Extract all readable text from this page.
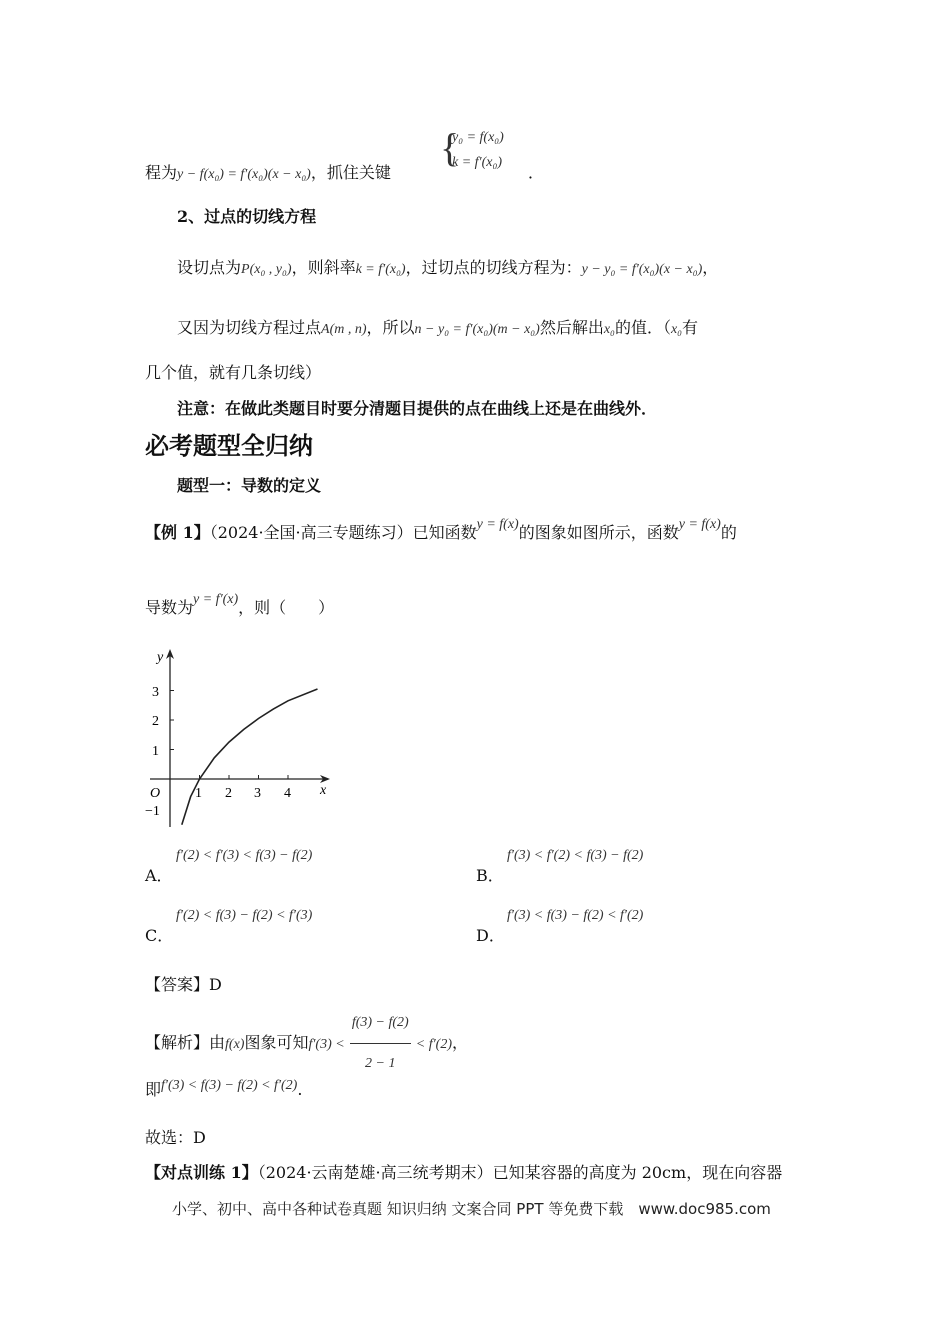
程为y − f(x₀) = f′(x₀)(x − x₀)，抓住关键
{
y₀ = f(x₀)
k = f′(x₀)
．
2、过点的切线方程
设切点为P(x₀ , y₀)，则斜率k = f′(x₀)，过切点的切线方程为：y − y₀ = f′(x₀)(x − x₀)，
又因为切线方程过点A(m , n)，所以n − y₀ = f′(x₀)(m − x₀)然后解出x₀的值．（x₀有
几个值，就有几条切线）
注意：在做此类题目时要分清题目提供的点在曲线上还是在曲线外．
必考题型全归纳
题型一：导数的定义
【例 1】（2024·全国·高三专题练习）已知函数y = f(x)的图象如图所示，函数y = f(x)的
导数为y = f′(x)，则（　　）
y
x
O
3
2
1
−1
1 2 3 4
A．
f′(2) < f′(3) < f(3) − f(2)
B．
f′(3) < f′(2) < f(3) − f(2)
C．
f′(2) < f(3) − f(2) < f′(3)
D．
f′(3) < f(3) − f(2) < f′(2)
【答案】D
【解析】由f(x)图象可知$f'(3) < \frac{f(3) - f(2)}{2 - 1} < f'(2)$，
即f′(3) < f(3) − f(2) < f′(2).
故选：D
【对点训练 1】（2024·云南楚雄·高三统考期末）已知某容器的高度为 20cm，现在向容器
小学、初中、高中各种试卷真题 知识归纳 文案合同 PPT 等免费下载　www.doc985.com
